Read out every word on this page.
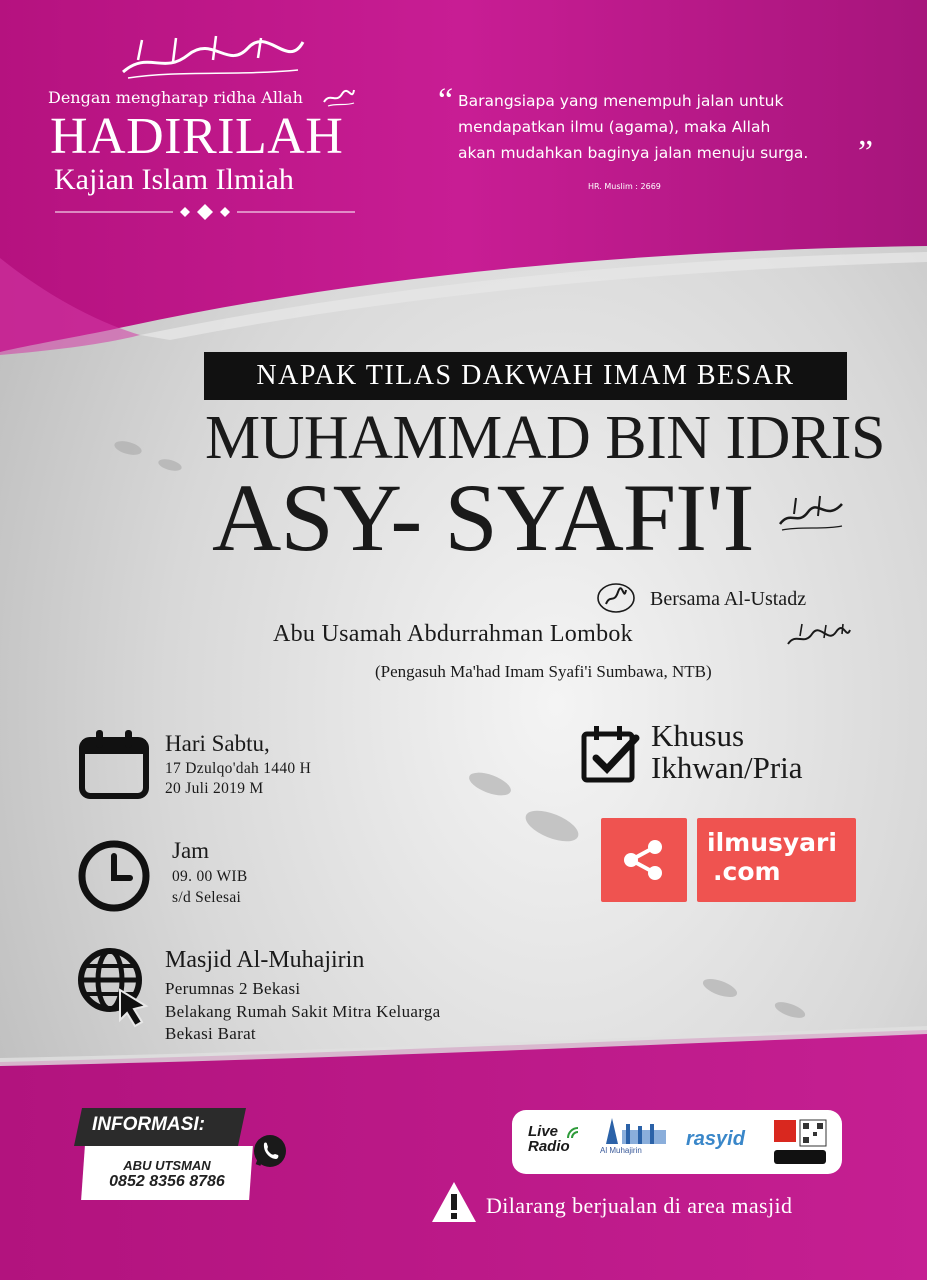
Dengan mengharap ridha Allah
HADIRILAH
Kajian Islam Ilmiah
“ Barangsiapa yang menempuh jalan untuk
mendapatkan ilmu (agama), maka Allah
akan mudahkan baginya jalan menuju surga.	”
HR. Muslim : 2669
NAPAK TILAS DAKWAH IMAM BESAR
MUHAMMAD BIN IDRIS
ASY- SYAFI'I
Bersama Al-Ustadz
Abu Usamah Abdurrahman Lombok
(Pengasuh Ma'had Imam Syafi'i Sumbawa, NTB)
Hari Sabtu,
17 Dzulqo'dah 1440 H
20 Juli 2019 M
Jam
09. 00 WIB
s/d Selesai
Masjid Al-Muhajirin
Perumnas 2 Bekasi
Belakang Rumah Sakit Mitra Keluarga
Bekasi Barat
Khusus
Ikhwan/Pria
ilmusyari
.com
INFORMASI:
ABU UTSMAN
0852 8356 8786
Live
Radio	Al Muhajirin
rasyid
Dilarang berjualan di area masjid
